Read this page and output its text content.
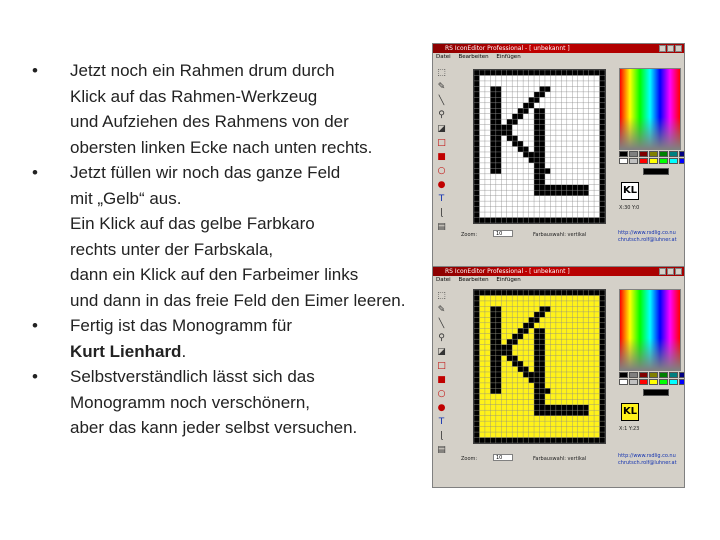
•	Jetzt noch ein Rahmen drum durch
Klick auf das Rahmen-Werkzeug
und Aufziehen des Rahmens von der
obersten linken Ecke nach unten rechts.
•	Jetzt füllen wir noch das ganze Feld
mit „Gelb“ aus.
Ein Klick auf das gelbe Farbkaro
rechts unter der Farbskala,
dann ein Klick auf den Farbeimer links
und dann in das freie Feld den Eimer leeren.
•	Fertig ist das Monogramm für
Kurt Lienhard.
•	Selbstverständlich lässt sich das
Monogramm noch verschönern,
aber das kann jeder selbst versuchen.
RS IconEditor Professional - [ unbekannt ]
Datei Bearbeiten Einfügen
⬚
✎
╲
⚲
◪
□
■
○
●
T
ɭ
▤
KL
X:30 Y:0
Zoom:	10	Farbauswahl: vertikal	http://www.rsdlig.co.nu
chrutsch.rolf@luhner.at
RS IconEditor Professional - [ unbekannt ]
Datei Bearbeiten Einfügen
⬚
✎
╲
⚲
◪
□
■
○
●
T
ɭ
▤
KL
X:1 Y:23
Zoom:	10	Farbauswahl: vertikal	http://www.rsdlig.co.nu
chrutsch.rolf@luhner.at
